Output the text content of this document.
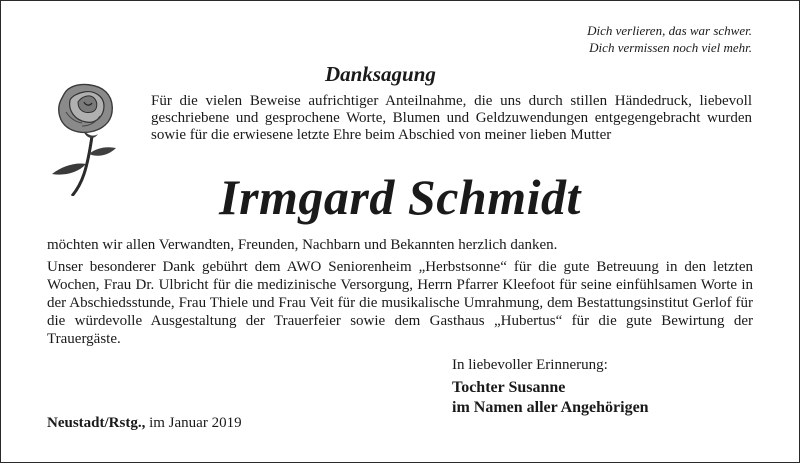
Dich verlieren, das war schwer.
Dich vermissen noch viel mehr.
Danksagung
Für die vielen Beweise aufrichtiger Anteilnahme, die uns durch stillen Händedruck, liebevoll geschriebene und gesprochene Worte, Blumen und Geldzuwendungen entgegengebracht wurden sowie für die erwiesene letzte Ehre beim Abschied von meiner lieben Mutter
Irmgard Schmidt
möchten wir allen Verwandten, Freunden, Nachbarn und Bekannten herzlich danken.
Unser besonderer Dank gebührt dem AWO Seniorenheim „Herbstsonne“ für die gute Betreuung in den letzten Wochen, Frau Dr. Ulbricht für die medizinische Versorgung, Herrn Pfarrer Kleefoot für seine einfühlsamen Worte in der Abschiedsstunde, Frau Thiele und Frau Veit für die musikalische Umrahmung, dem Bestattungsinstitut Gerlof für die würdevolle Ausgestaltung der Trauerfeier sowie dem Gasthaus „Hubertus“ für die gute Bewirtung der Trauergäste.
In liebevoller Erinnerung:
Tochter Susanne
im Namen aller Angehörigen
Neustadt/Rstg., im Januar 2019
